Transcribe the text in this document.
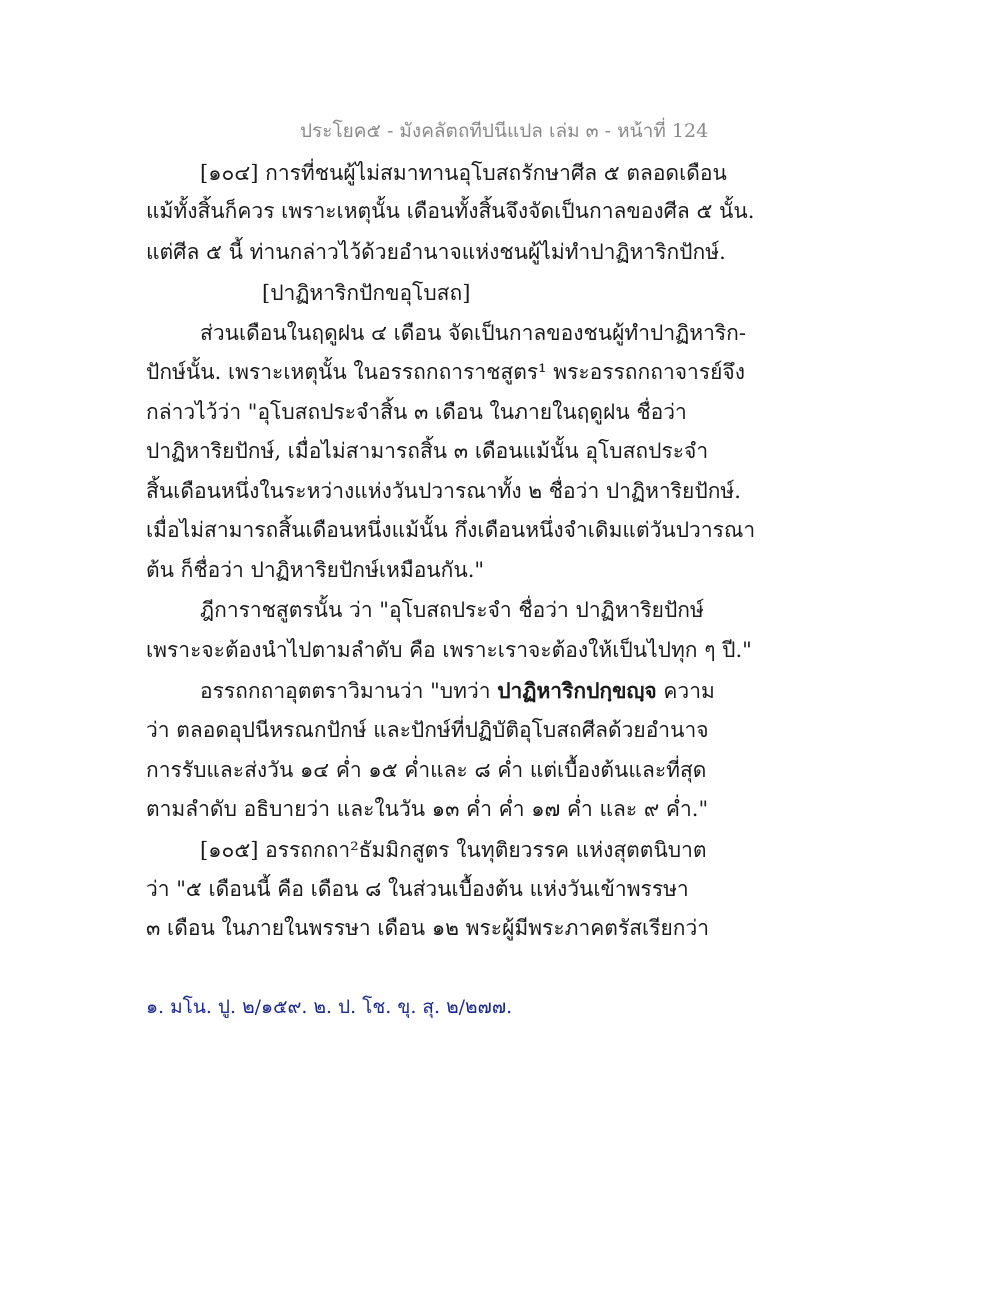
ประโยค๕ - มังคลัตถทีปนีแปล เล่ม ๓ - หน้าที่ 124
[๑๐๔] การที่ชนผู้ไม่สมาทานอุโบสถรักษาศีล ๕ ตลอดเดือน
แม้ทั้งสิ้นก็ควร เพราะเหตุนั้น เดือนทั้งสิ้นจึงจัดเป็นกาลของศีล ๕ นั้น.
แต่ศีล ๕ นี้ ท่านกล่าวไว้ด้วยอำนาจแห่งชนผู้ไม่ทำปาฏิหาริกปักษ์.
[ปาฏิหาริกปักขอุโบสถ]
ส่วนเดือนในฤดูฝน ๔ เดือน จัดเป็นกาลของชนผู้ทำปาฏิหาริก-
ปักษ์นั้น. เพราะเหตุนั้น ในอรรถกถาราชสูตร¹ พระอรรถกถาจารย์จึง
กล่าวไว้ว่า "อุโบสถประจำสิ้น ๓ เดือน ในภายในฤดูฝน ชื่อว่า
ปาฏิหาริยปักษ์, เมื่อไม่สามารถสิ้น ๓ เดือนแม้นั้น อุโบสถประจำ
สิ้นเดือนหนึ่งในระหว่างแห่งวันปวารณาทั้ง ๒ ชื่อว่า ปาฏิหาริยปักษ์.
เมื่อไม่สามารถสิ้นเดือนหนึ่งแม้นั้น กึ่งเดือนหนึ่งจำเดิมแต่วันปวารณา
ต้น ก็ชื่อว่า ปาฏิหาริยปักษ์เหมือนกัน."
ฎีการาชสูตรนั้น ว่า "อุโบสถประจำ ชื่อว่า ปาฏิหาริยปักษ์
เพราะจะต้องนำไปตามลำดับ คือ เพราะเราจะต้องให้เป็นไปทุก ๆ ปี."
อรรถกถาอุตตราวิมานว่า "บทว่า ปาฏิหาริกปกฺขญฺจ ความ
ว่า ตลอดอุปนีหรณกปักษ์ และปักษ์ที่ปฏิบัติอุโบสถศีลด้วยอำนาจ
การรับและส่งวัน ๑๔ ค่ำ ๑๕ ค่ำและ ๘ ค่ำ แต่เบื้องต้นและที่สุด
ตามลำดับ อธิบายว่า และในวัน ๑๓ ค่ำ ค่ำ ๑๗ ค่ำ และ ๙ ค่ำ."
[๑๐๕] อรรถกถา²ธัมมิกสูตร ในทุติยวรรค แห่งสุตตนิบาต
ว่า "๕ เดือนนี้ คือ เดือน ๘ ในส่วนเบื้องต้น แห่งวันเข้าพรรษา
๓ เดือน ในภายในพรรษา เดือน ๑๒ พระผู้มีพระภาคตรัสเรียกว่า
๑. มโน. ปู. ๒/๑๕๙. ๒. ป. โช. ขุ. สุ. ๒/๒๗๗.
